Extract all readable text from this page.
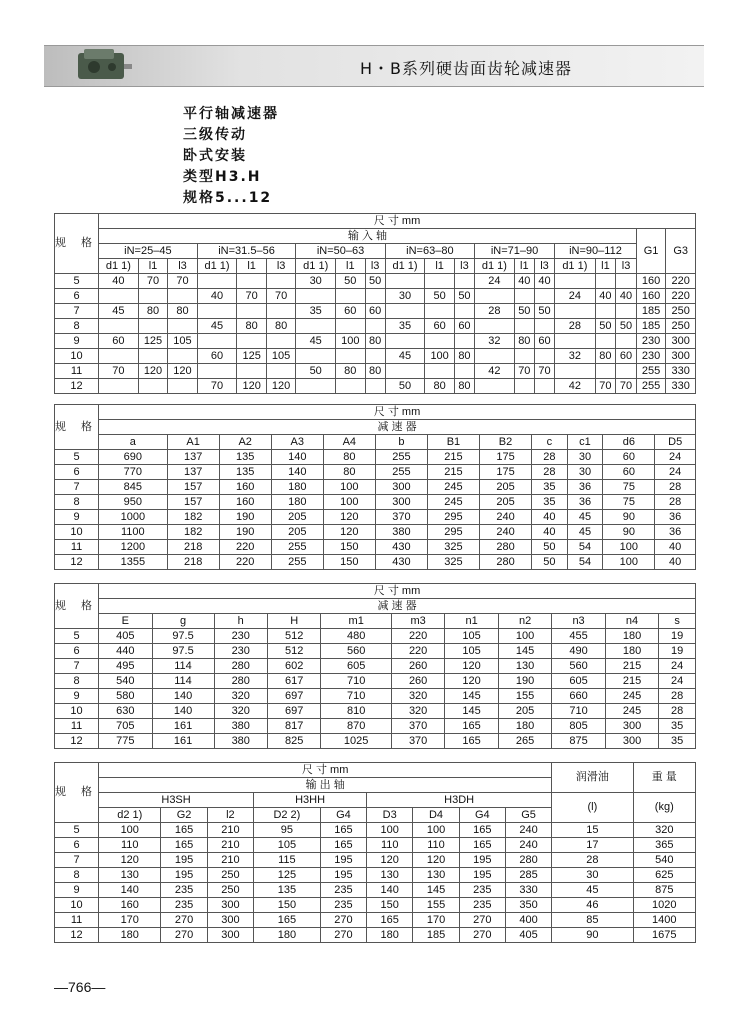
H・B系列硬齿面齿轮减速器
平行轴减速器
三级传动
卧式安装
类型H3.H
规格5...12
规 格	尺 寸 mm																			
	输 入 轴																		G1	G3
	iN=25–45			iN=31.5–56			iN=50–63			iN=63–80			iN=71–90			iN=90–112				
	d1 1)	l1	l3	d1 1)	l1	l3	d1 1)	l1	l3	d1 1)	l1	l3	d1 1)	l1	l3	d1 1)	l1	l3		
5	40	70	70				30	50	50				24	40	40				160	220
6				40	70	70				30	50	50				24	40	40	160	220
7	45	80	80				35	60	60				28	50	50				185	250
8				45	80	80				35	60	60				28	50	50	185	250
9	60	125	105				45	100	80				32	80	60				230	300
10				60	125	105				45	100	80				32	80	60	230	300
11	70	120	120				50	80	80				42	70	70				255	330
12				70	120	120				50	80	80				42	70	70	255	330
规 格	尺 寸 mm											
	减 速 器											
	a	A1	A2	A3	A4	b	B1	B2	c	c1	d6	D5
5	690	137	135	140	80	255	215	175	28	30	60	24
6	770	137	135	140	80	255	215	175	28	30	60	24
7	845	157	160	180	100	300	245	205	35	36	75	28
8	950	157	160	180	100	300	245	205	35	36	75	28
9	1000	182	190	205	120	370	295	240	40	45	90	36
10	1100	182	190	205	120	380	295	240	40	45	90	36
11	1200	218	220	255	150	430	325	280	50	54	100	40
12	1355	218	220	255	150	430	325	280	50	54	100	40
规 格	尺 寸 mm										
	减 速 器										
	E	g	h	H	m1	m3	n1	n2	n3	n4	s
5	405	97.5	230	512	480	220	105	100	455	180	19
6	440	97.5	230	512	560	220	105	145	490	180	19
7	495	114	280	602	605	260	120	130	560	215	24
8	540	114	280	617	710	260	120	190	605	215	24
9	580	140	320	697	710	320	145	155	660	245	28
10	630	140	320	697	810	320	145	205	710	245	28
11	705	161	380	817	870	370	165	180	805	300	35
12	775	161	380	825	1025	370	165	265	875	300	35
规 格	尺 寸 mm									润滑油	重 量
	输 出 轴										
	H3SH			H3HH		H3DH				(l)	(kg)
	d2 1)	G2	l2	D2 2)	G4	D3	D4	G4	G5		
5	100	165	210	95	165	100	100	165	240	15	320
6	110	165	210	105	165	110	110	165	240	17	365
7	120	195	210	115	195	120	120	195	280	28	540
8	130	195	250	125	195	130	130	195	285	30	625
9	140	235	250	135	235	140	145	235	330	45	875
10	160	235	300	150	235	150	155	235	350	46	1020
11	170	270	300	165	270	165	170	270	400	85	1400
12	180	270	300	180	270	180	185	270	405	90	1675
—766—
